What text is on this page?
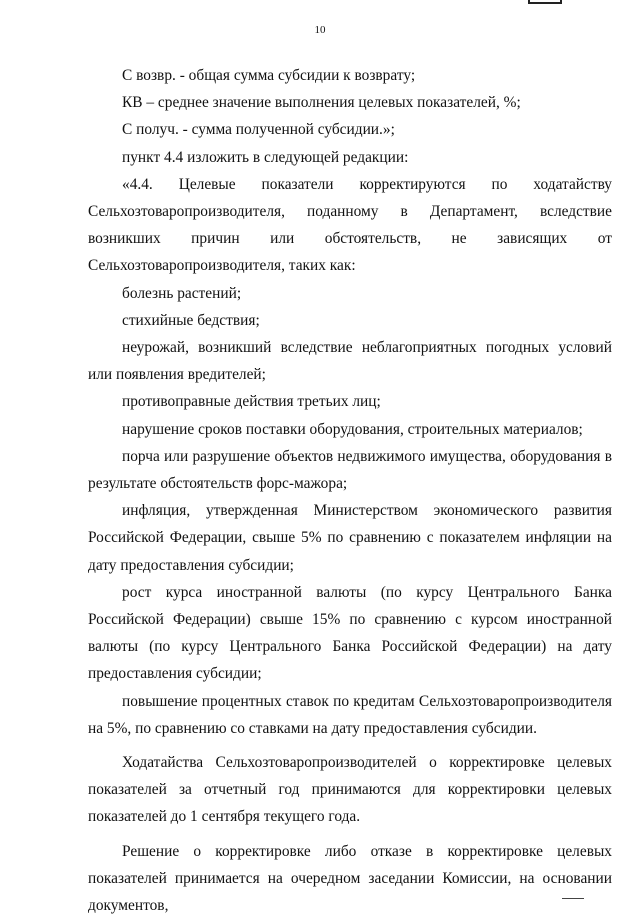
10

С возвр. - общая сумма субсидии к возврату;

КВ – среднее значение выполнения целевых показателей, %;

С получ. - сумма полученной субсидии.»;

пункт 4.4 изложить в следующей редакции:

«4.4. Целевые показатели корректируются по ходатайству Сельхозтоваропроизводителя, поданному в Департамент, вследствие возникших причин или обстоятельств, не зависящих от Сельхозтоваропроизводителя, таких как:

болезнь растений;

стихийные бедствия;

неурожай, возникший вследствие неблагоприятных погодных условий или появления вредителей;

противоправные действия третьих лиц;

нарушение сроков поставки оборудования, строительных материалов;

порча или разрушение объектов недвижимого имущества, оборудования в результате обстоятельств форс-мажора;

инфляция, утвержденная Министерством экономического развития Российской Федерации, свыше 5% по сравнению с показателем инфляции на дату предоставления субсидии;

рост курса иностранной валюты (по курсу Центрального Банка Российской Федерации) свыше 15% по сравнению с курсом иностранной валюты (по курсу Центрального Банка Российской Федерации) на дату предоставления субсидии;

повышение процентных ставок по кредитам Сельхозтоваропроизводителя на 5%, по сравнению со ставками на дату предоставления субсидии.

Ходатайства Сельхозтоваропроизводителей о корректировке целевых показателей за отчетный год принимаются для корректировки целевых показателей до 1 сентября текущего года.

Решение о корректировке либо отказе в корректировке целевых показателей принимается на очередном заседании Комиссии, на основании документов,
